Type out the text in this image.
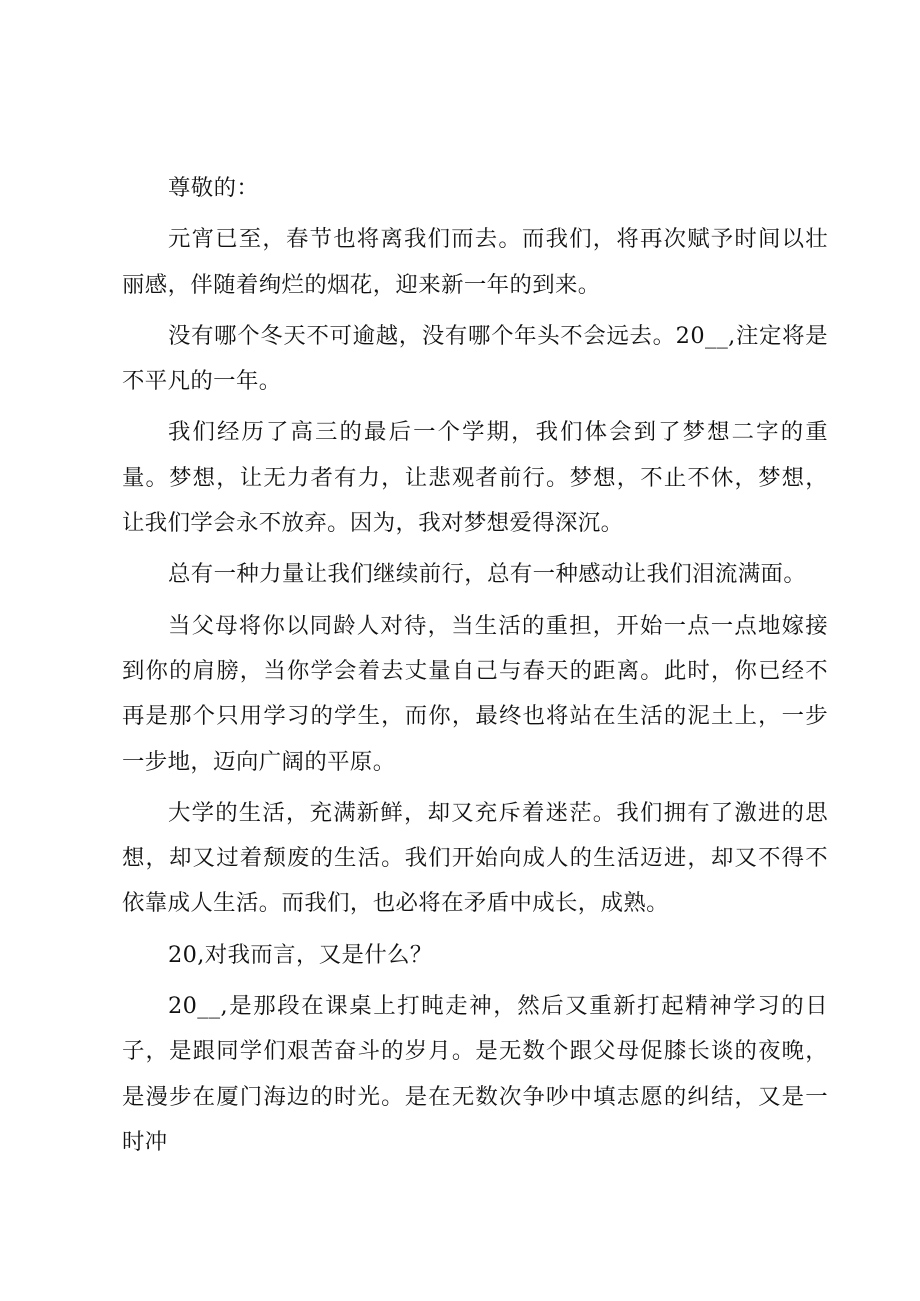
尊敬的：

元宵已至，春节也将离我们而去。而我们，将再次赋予时间以壮丽感，伴随着绚烂的烟花，迎来新一年的到来。

没有哪个冬天不可逾越，没有哪个年头不会远去。20__,注定将是不平凡的一年。

我们经历了高三的最后一个学期，我们体会到了梦想二字的重量。梦想，让无力者有力，让悲观者前行。梦想，不止不休，梦想，让我们学会永不放弃。因为，我对梦想爱得深沉。

总有一种力量让我们继续前行，总有一种感动让我们泪流满面。

当父母将你以同龄人对待，当生活的重担，开始一点一点地嫁接到你的肩膀，当你学会着去丈量自己与春天的距离。此时，你已经不再是那个只用学习的学生，而你，最终也将站在生活的泥土上，一步一步地，迈向广阔的平原。

大学的生活，充满新鲜，却又充斥着迷茫。我们拥有了激进的思想，却又过着颓废的生活。我们开始向成人的生活迈进，却又不得不依靠成人生活。而我们，也必将在矛盾中成长，成熟。

20,对我而言，又是什么？

20__,是那段在课桌上打盹走神，然后又重新打起精神学习的日子，是跟同学们艰苦奋斗的岁月。是无数个跟父母促膝长谈的夜晚，是漫步在厦门海边的时光。是在无数次争吵中填志愿的纠结，又是一时冲
